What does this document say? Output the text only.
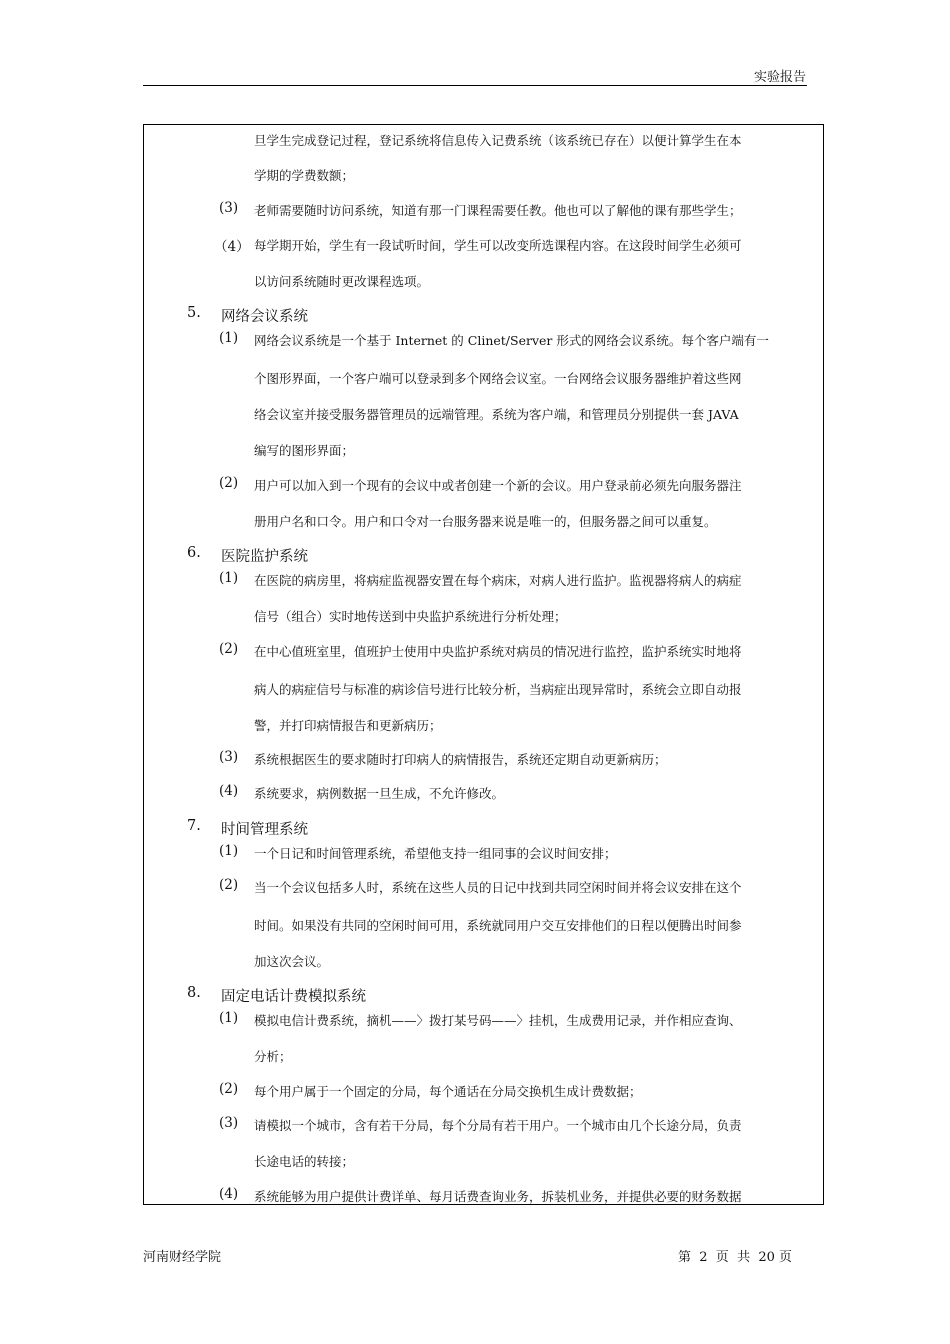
实验报告
旦学生完成登记过程，登记系统将信息传入记费系统（该系统已存在）以便计算学生在本
学期的学费数额；
(3) 老师需要随时访问系统，知道有那一门课程需要任教。他也可以了解他的课有那些学生；
（4） 每学期开始，学生有一段试听时间，学生可以改变所选课程内容。在这段时间学生必须可
以访问系统随时更改课程选项。
5. 网络会议系统
(1) 网络会议系统是一个基于 Internet 的 Clinet/Server 形式的网络会议系统。每个客户端有一
个图形界面，一个客户端可以登录到多个网络会议室。一台网络会议服务器维护着这些网
络会议室并接受服务器管理员的远端管理。系统为客户端，和管理员分别提供一套 JAVA
编写的图形界面；
(2) 用户可以加入到一个现有的会议中或者创建一个新的会议。用户登录前必须先向服务器注
册用户名和口令。用户和口令对一台服务器来说是唯一的，但服务器之间可以重复。
6. 医院监护系统
(1) 在医院的病房里，将病症监视器安置在每个病床，对病人进行监护。监视器将病人的病症
信号（组合）实时地传送到中央监护系统进行分析处理；
(2) 在中心值班室里，值班护士使用中央监护系统对病员的情况进行监控，监护系统实时地将
病人的病症信号与标准的病诊信号进行比较分析，当病症出现异常时，系统会立即自动报
警，并打印病情报告和更新病历；
(3) 系统根据医生的要求随时打印病人的病情报告，系统还定期自动更新病历；
(4) 系统要求，病例数据一旦生成，不允许修改。
7. 时间管理系统
(1) 一个日记和时间管理系统，希望他支持一组同事的会议时间安排；
(2) 当一个会议包括多人时，系统在这些人员的日记中找到共同空闲时间并将会议安排在这个
时间。如果没有共同的空闲时间可用，系统就同用户交互安排他们的日程以便腾出时间参
加这次会议。
8. 固定电话计费模拟系统
(1) 模拟电信计费系统，摘机——〉拨打某号码——〉挂机，生成费用记录，并作相应查询、
分析；
(2) 每个用户属于一个固定的分局，每个通话在分局交换机生成计费数据；
(3) 请模拟一个城市，含有若干分局，每个分局有若干用户。一个城市由几个长途分局，负责
长途电话的转接；
(4) 系统能够为用户提供计费详单、每月话费查询业务，拆装机业务，并提供必要的财务数据
河南财经学院	第  2  页  共  20 页
